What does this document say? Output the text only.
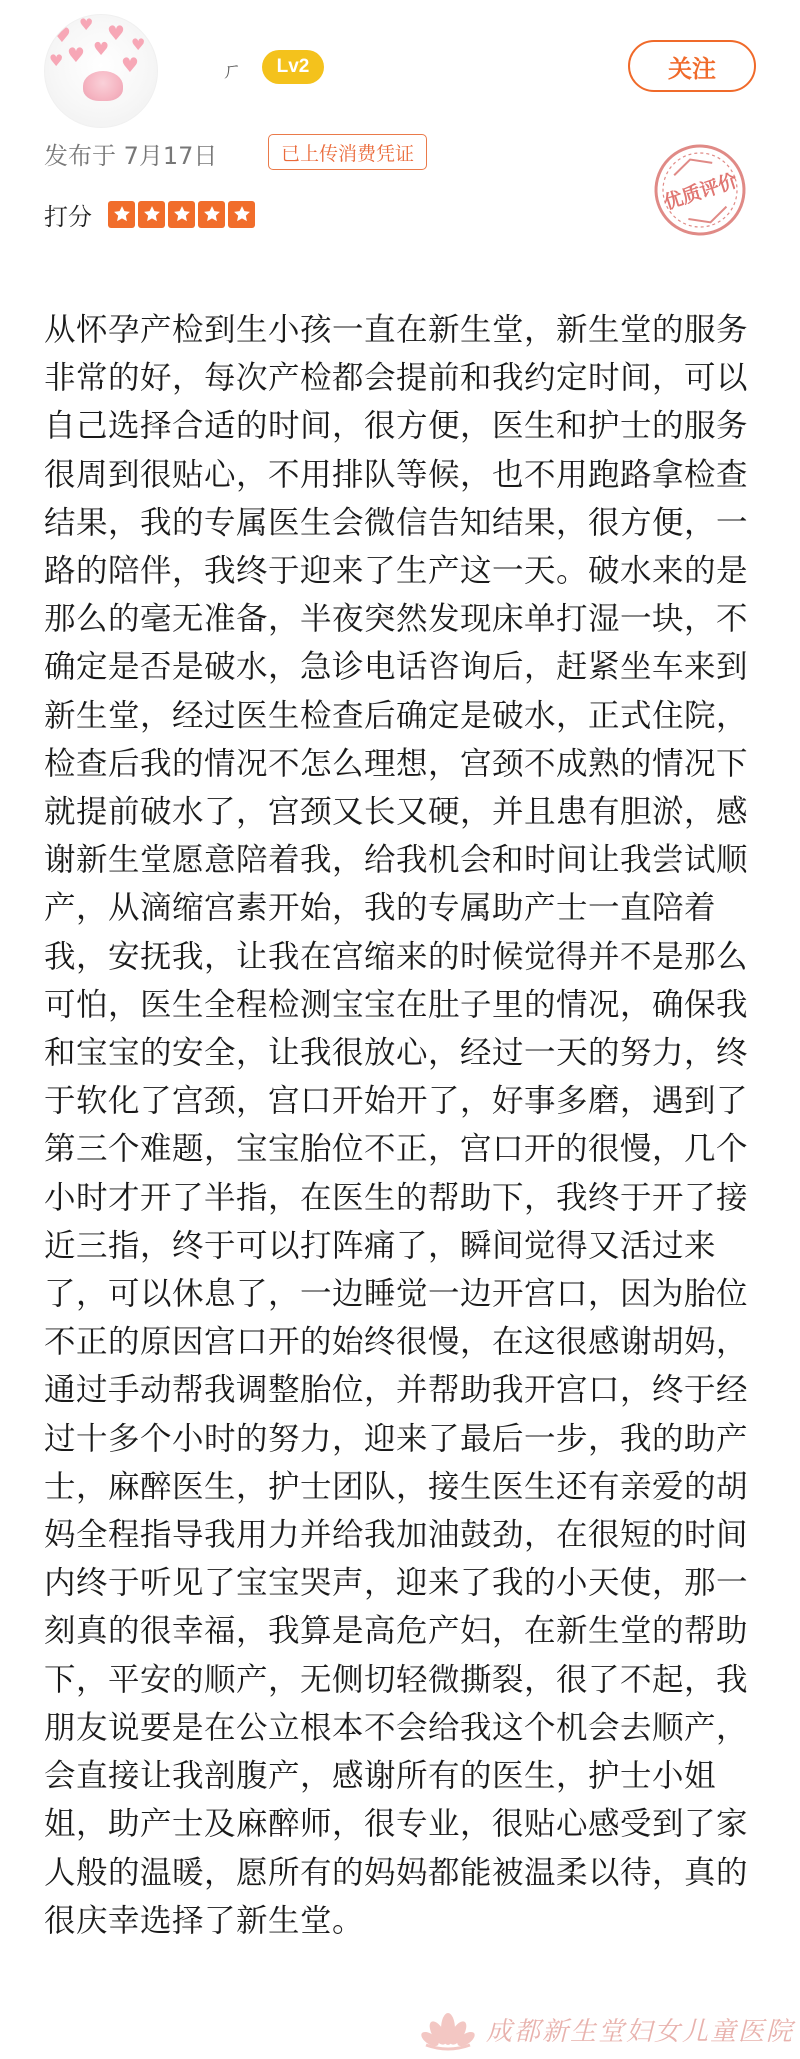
♥ ♥ ♥ ♥
♥ ♥ ♥
♥	ㄏ	Lv2	关注
发布于 7月17日	已上传消费凭证
优质评价
打分
从怀孕产检到生小孩一直在新生堂，新生堂的服务非常的好，每次产检都会提前和我约定时间，可以自己选择合适的时间，很方便，医生和护士的服务很周到很贴心，不用排队等候，也不用跑路拿检查结果，我的专属医生会微信告知结果，很方便，一路的陪伴，我终于迎来了生产这一天。破水来的是那么的毫无准备，半夜突然发现床单打湿一块，不确定是否是破水，急诊电话咨询后，赶紧坐车来到新生堂，经过医生检查后确定是破水，正式住院，检查后我的情况不怎么理想，宫颈不成熟的情况下就提前破水了，宫颈又长又硬，并且患有胆淤，感谢新生堂愿意陪着我，给我机会和时间让我尝试顺产，从滴缩宫素开始，我的专属助产士一直陪着我，安抚我，让我在宫缩来的时候觉得并不是那么可怕，医生全程检测宝宝在肚子里的情况，确保我和宝宝的安全，让我很放心，经过一天的努力，终于软化了宫颈，宫口开始开了，好事多磨，遇到了第三个难题，宝宝胎位不正，宫口开的很慢，几个小时才开了半指，在医生的帮助下，我终于开了接近三指，终于可以打阵痛了，瞬间觉得又活过来了，可以休息了，一边睡觉一边开宫口，因为胎位不正的原因宫口开的始终很慢，在这很感谢胡妈，通过手动帮我调整胎位，并帮助我开宫口，终于经过十多个小时的努力，迎来了最后一步，我的助产士，麻醉医生，护士团队，接生医生还有亲爱的胡妈全程指导我用力并给我加油鼓劲，在很短的时间内终于听见了宝宝哭声，迎来了我的小天使，那一刻真的很幸福，我算是高危产妇，在新生堂的帮助下，平安的顺产，无侧切轻微撕裂，很了不起，我朋友说要是在公立根本不会给我这个机会去顺产，会直接让我剖腹产，感谢所有的医生，护士小姐姐，助产士及麻醉师，很专业，很贴心感受到了家人般的温暖，愿所有的妈妈都能被温柔以待，真的很庆幸选择了新生堂。
成都新生堂妇女儿童医院
